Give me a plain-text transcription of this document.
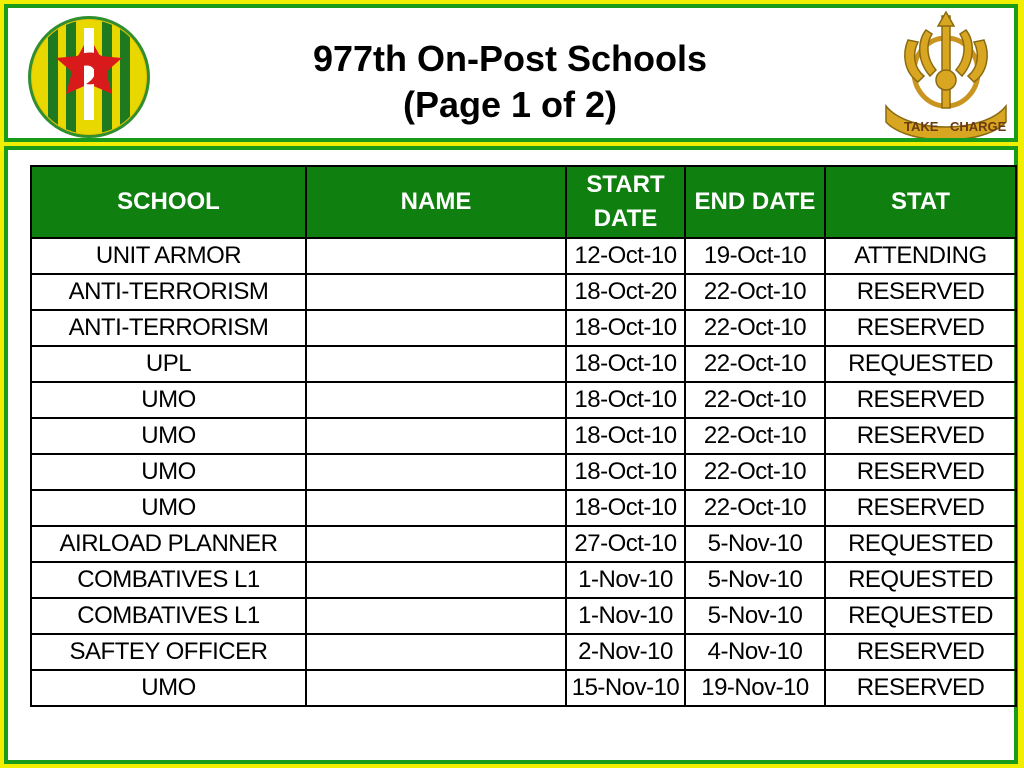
977th On-Post Schools
(Page 1 of 2)
TAKE CHARGE
SCHOOL	NAME	START DATE	END DATE	STAT
UNIT ARMOR		12-Oct-10	19-Oct-10	ATTENDING
ANTI-TERRORISM		18-Oct-20	22-Oct-10	RESERVED
ANTI-TERRORISM		18-Oct-10	22-Oct-10	RESERVED
UPL		18-Oct-10	22-Oct-10	REQUESTED
UMO		18-Oct-10	22-Oct-10	RESERVED
UMO		18-Oct-10	22-Oct-10	RESERVED
UMO		18-Oct-10	22-Oct-10	RESERVED
UMO		18-Oct-10	22-Oct-10	RESERVED
AIRLOAD PLANNER		27-Oct-10	5-Nov-10	REQUESTED
COMBATIVES L1		1-Nov-10	5-Nov-10	REQUESTED
COMBATIVES L1		1-Nov-10	5-Nov-10	REQUESTED
SAFTEY OFFICER		2-Nov-10	4-Nov-10	RESERVED
UMO		15-Nov-10	19-Nov-10	RESERVED
